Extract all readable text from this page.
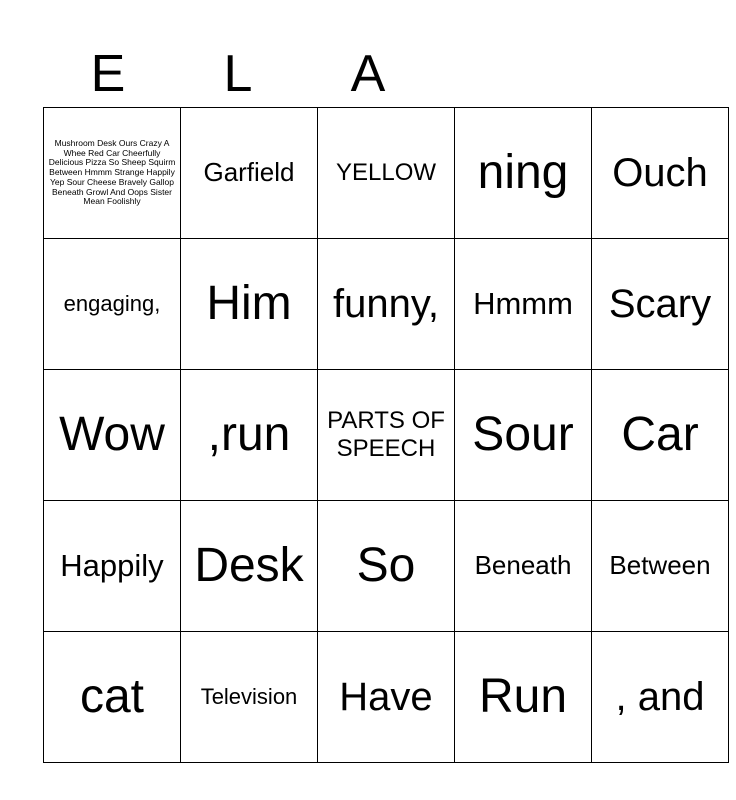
E	L	A
Mushroom Desk Ours Crazy A Whee Red Car Cheerfully Delicious Pizza So Sheep Squirm Between Hmmm Strange Happily Yep Sour Cheese Bravely Gallop Beneath Growl And Oops Sister Mean Foolishly	Garfield	YELLOW	ning	Ouch
engaging,	Him	funny,	Hmmm	Scary
Wow	,run	PARTS OF SPEECH	Sour	Car
Happily	Desk	So	Beneath	Between
cat	Television	Have	Run	, and
